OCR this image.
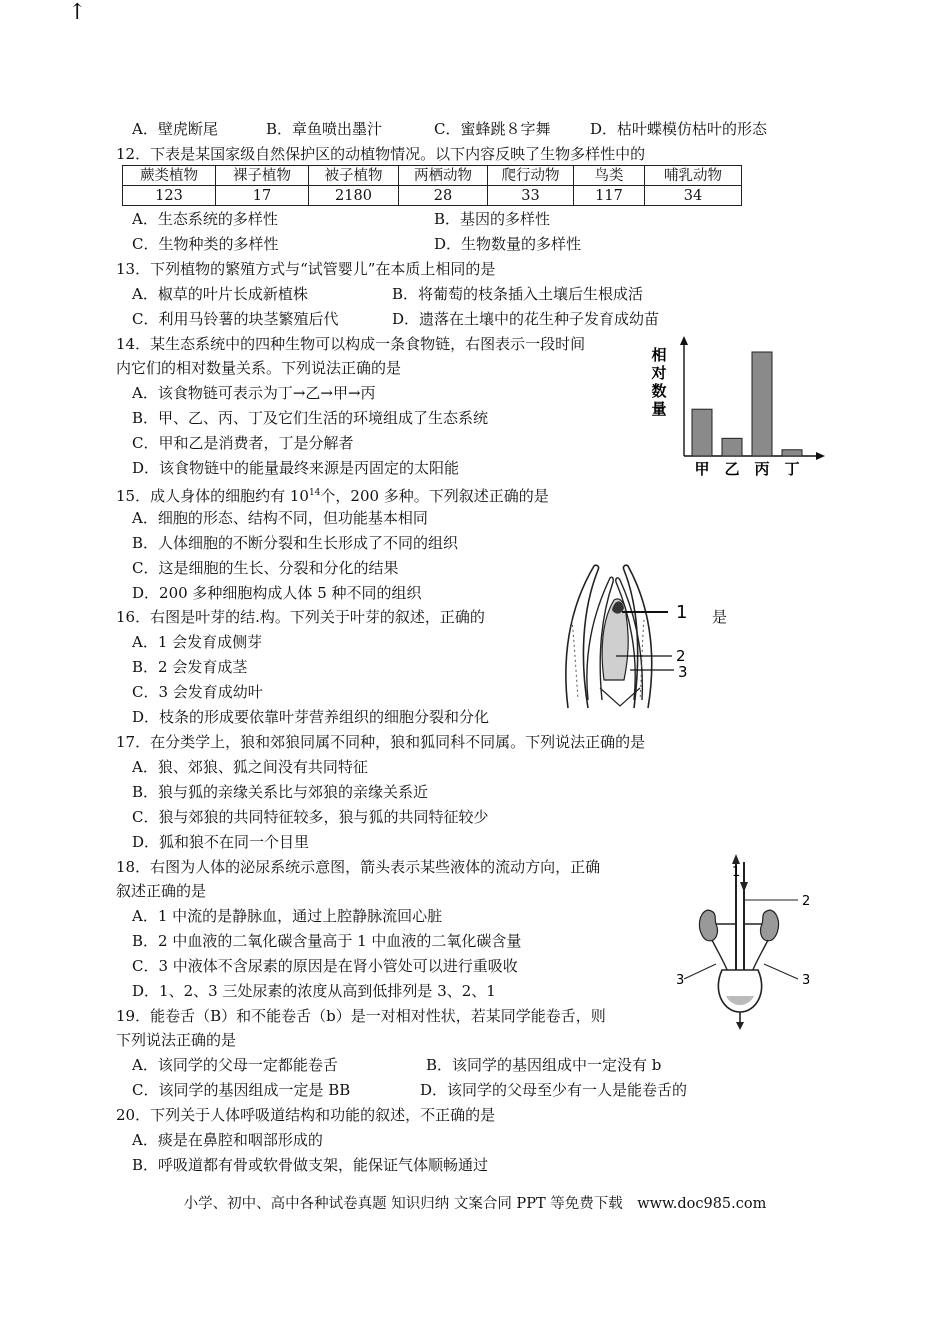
↑
A．壁虎断尾	B．章鱼喷出墨汁	C．蜜蜂跳８字舞	D．枯叶蝶模仿枯叶的形态
12．下表是某国家级自然保护区的动植物情况。以下内容反映了生物多样性中的
蕨类植物	裸子植物	被子植物	两栖动物	爬行动物	鸟类	哺乳动物
123	17	2180	28	33	117	34
A．生态系统的多样性	B．基因的多样性
C．生物种类的多样性	D．生物数量的多样性
13．下列植物的繁殖方式与“试管婴儿”在本质上相同的是
A．椒草的叶片长成新植株	B．将葡萄的枝条插入土壤后生根成活
C．利用马铃薯的块茎繁殖后代	D．遗落在土壤中的花生种子发育成幼苗
14．某生态系统中的四种生物可以构成一条食物链，右图表示一段时间
内它们的相对数量关系。下列说法正确的是
A．该食物链可表示为丁→乙→甲→丙
B．甲、乙、丙、丁及它们生活的环境组成了生态系统
C．甲和乙是消费者，丁是分解者
D．该食物链中的能量最终来源是丙固定的太阳能
相对数量
甲 乙 丙 丁
15．成人身体的细胞约有 $10^{14}$个，200 多种。下列叙述正确的是
A．细胞的形态、结构不同，但功能基本相同
B．人体细胞的不断分裂和生长形成了不同的组织
C．这是细胞的生长、分裂和分化的结果
D．200 多种细胞构成人体 5 种不同的组织
16．右图是叶芽的结.构。下列关于叶芽的叙述，正确的	是
A．1 会发育成侧芽
B．2 会发育成茎
C．3 会发育成幼叶
D．枝条的形成要依靠叶芽营养组织的细胞分裂和分化
1
2
3
17．在分类学上，狼和郊狼同属不同种，狼和狐同科不同属。下列说法正确的是
A．狼、郊狼、狐之间没有共同特征
B．狼与狐的亲缘关系比与郊狼的亲缘关系近
C．狼与郊狼的共同特征较多，狼与狐的共同特征较少
D．狐和狼不在同一个目里
18．右图为人体的泌尿系统示意图，箭头表示某些液体的流动方向，正确
叙述正确的是
A．1 中流的是静脉血，通过上腔静脉流回心脏
B．2 中血液的二氧化碳含量高于 1 中血液的二氧化碳含量
C．3 中液体不含尿素的原因是在肾小管处可以进行重吸收
D．1、2、3 三处尿素的浓度从高到低排列是 3、2、1
1
2
3	3
19．能卷舌（B）和不能卷舌（b）是一对相对性状，若某同学能卷舌，则
下列说法正确的是
A．该同学的父母一定都能卷舌	B．该同学的基因组成中一定没有 b
C．该同学的基因组成一定是 BB	D．该同学的父母至少有一人是能卷舌的
20．下列关于人体呼吸道结构和功能的叙述，不正确的是
A．痰是在鼻腔和咽部形成的
B．呼吸道都有骨或软骨做支架，能保证气体顺畅通过
小学、初中、高中各种试卷真题 知识归纳 文案合同 PPT 等免费下载　www.doc985.com
